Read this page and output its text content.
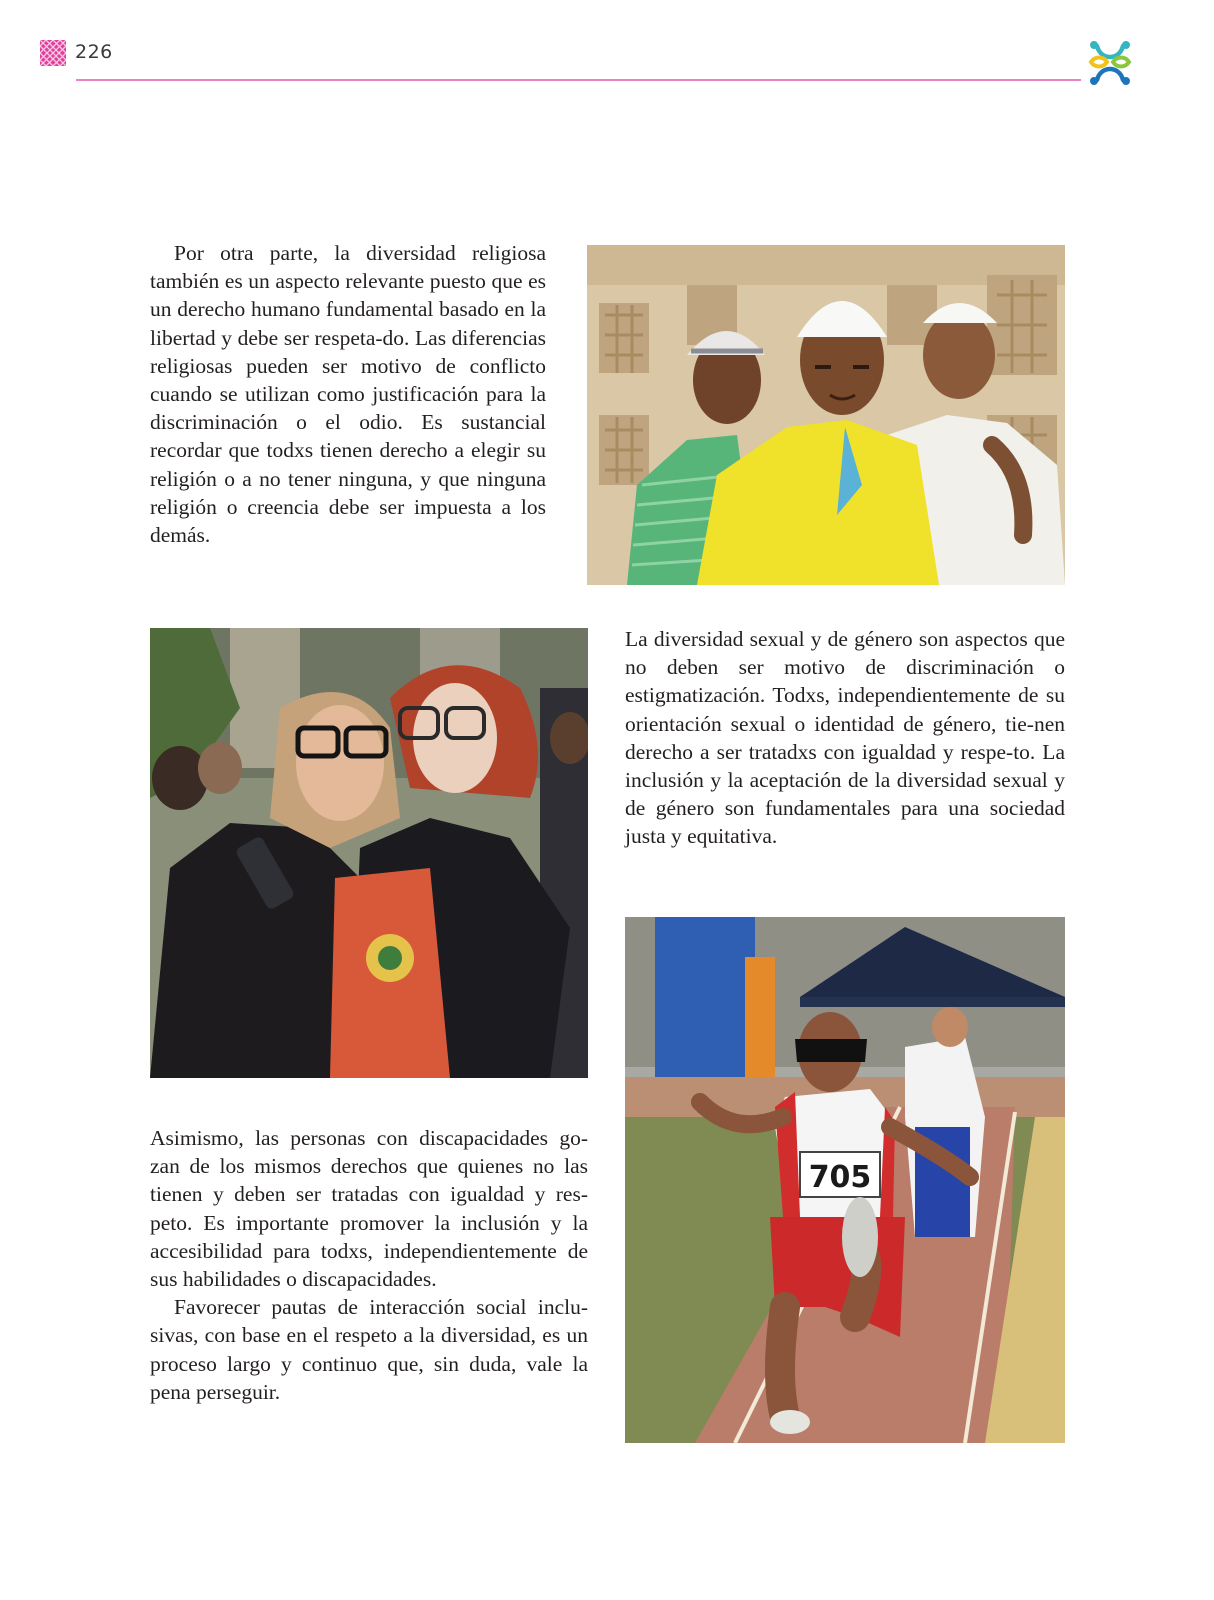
226

Por otra parte, la diversidad religiosa también es un aspecto relevante puesto que es un derecho humano fundamental basado en la libertad y debe ser respeta-do. Las diferencias religiosas pueden ser motivo de conflicto cuando se utilizan como justificación para la discriminación o el odio. Es sustancial recordar que todxs tienen derecho a elegir su religión o a no tener ninguna, y que ninguna religión o creencia debe ser impuesta a los demás.

La diversidad sexual y de género son aspectos que no deben ser motivo de discriminación o estigmatización. Todxs, independientemente de su orientación sexual o identidad de género, tie-nen derecho a ser tratadxs con igualdad y respe-to. La inclusión y la aceptación de la diversidad sexual y de género son fundamentales para una sociedad justa y equitativa.

705

Asimismo, las personas con discapacidades go-zan de los mismos derechos que quienes no las tienen y deben ser tratadas con igualdad y res-peto. Es importante promover la inclusión y la accesibilidad para todxs, independientemente de sus habilidades o discapacidades.

Favorecer pautas de interacción social inclu-sivas, con base en el respeto a la diversidad, es un proceso largo y continuo que, sin duda, vale la pena perseguir.
